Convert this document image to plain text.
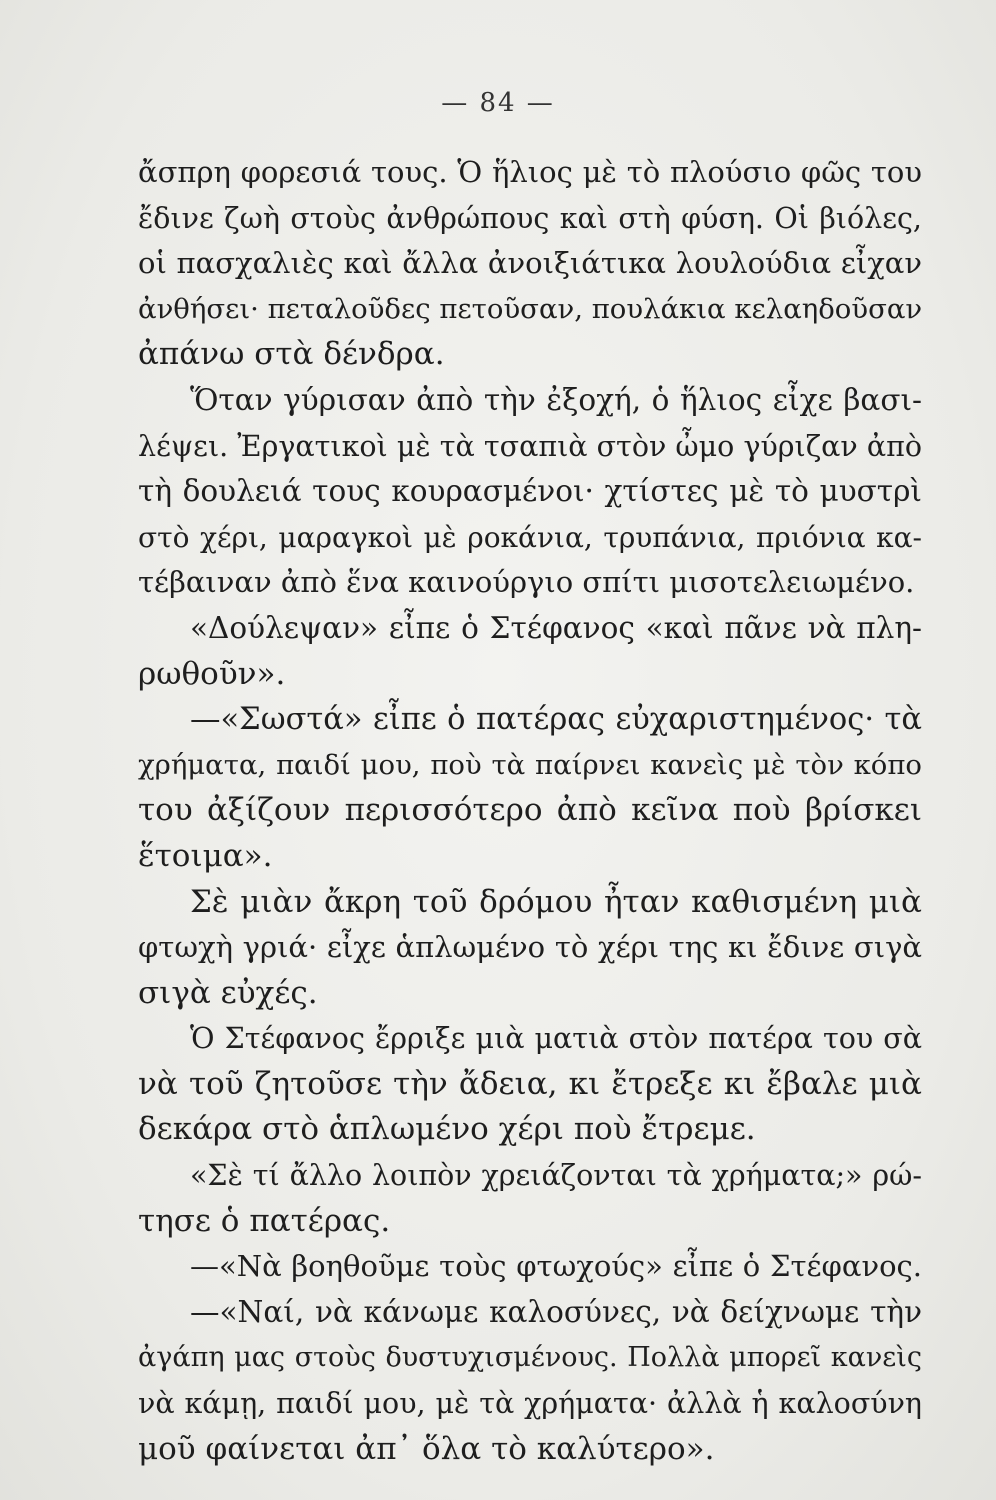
— 84 —
ἄσπρη φορεσιά τους. Ὁ ἥλιος μὲ τὸ πλούσιο φῶς του
ἔδινε ζωὴ στοὺς ἀνθρώπους καὶ στὴ φύση. Οἱ βιόλες,
οἱ πασχαλιὲς καὶ ἄλλα ἀνοιξιάτικα λουλούδια εἶχαν
ἀνθήσει· πεταλοῦδες πετοῦσαν, πουλάκια κελαηδοῦσαν
ἀπάνω στὰ δένδρα.
Ὅταν γύρισαν ἀπὸ τὴν ἐξοχή, ὁ ἥλιος εἶχε βασι-
λέψει. Ἐργατικοὶ μὲ τὰ τσαπιὰ στὸν ὦμο γύριζαν ἀπὸ
τὴ δουλειά τους κουρασμένοι· χτίστες μὲ τὸ μυστρὶ
στὸ χέρι, μαραγκοὶ μὲ ροκάνια, τρυπάνια, πριόνια κα-
τέβαιναν ἀπὸ ἕνα καινούργιο σπίτι μισοτελειωμένο.
«Δούλεψαν» εἶπε ὁ Στέφανος «καὶ πᾶνε νὰ πλη-
ρωθοῦν».
—«Σωστά» εἶπε ὁ πατέρας εὐχαριστημένος· τὰ
χρήματα, παιδί μου, ποὺ τὰ παίρνει κανεὶς μὲ τὸν κόπο
του ἀξίζουν περισσότερο ἀπὸ κεῖνα ποὺ βρίσκει
ἕτοιμα».
Σὲ μιὰν ἄκρη τοῦ δρόμου ἦταν καθισμένη μιὰ
φτωχὴ γριά· εἶχε ἁπλωμένο τὸ χέρι της κι ἔδινε σιγὰ
σιγὰ εὐχές.
Ὁ Στέφανος ἔρριξε μιὰ ματιὰ στὸν πατέρα του σὰ
νὰ τοῦ ζητοῦσε τὴν ἄδεια, κι ἔτρεξε κι ἔβαλε μιὰ
δεκάρα στὸ ἁπλωμένο χέρι ποὺ ἔτρεμε.
«Σὲ τί ἄλλο λοιπὸν χρειάζονται τὰ χρήματα;» ρώ-
τησε ὁ πατέρας.
—«Νὰ βοηθοῦμε τοὺς φτωχούς» εἶπε ὁ Στέφανος.
—«Ναί, νὰ κάνωμε καλοσύνες, νὰ δείχνωμε τὴν
ἀγάπη μας στοὺς δυστυχισμένους. Πολλὰ μπορεῖ κανεὶς
νὰ κάμῃ, παιδί μου, μὲ τὰ χρήματα· ἀλλὰ ἡ καλοσύνη
μοῦ φαίνεται ἀπ᾿ ὅλα τὸ καλύτερο».
